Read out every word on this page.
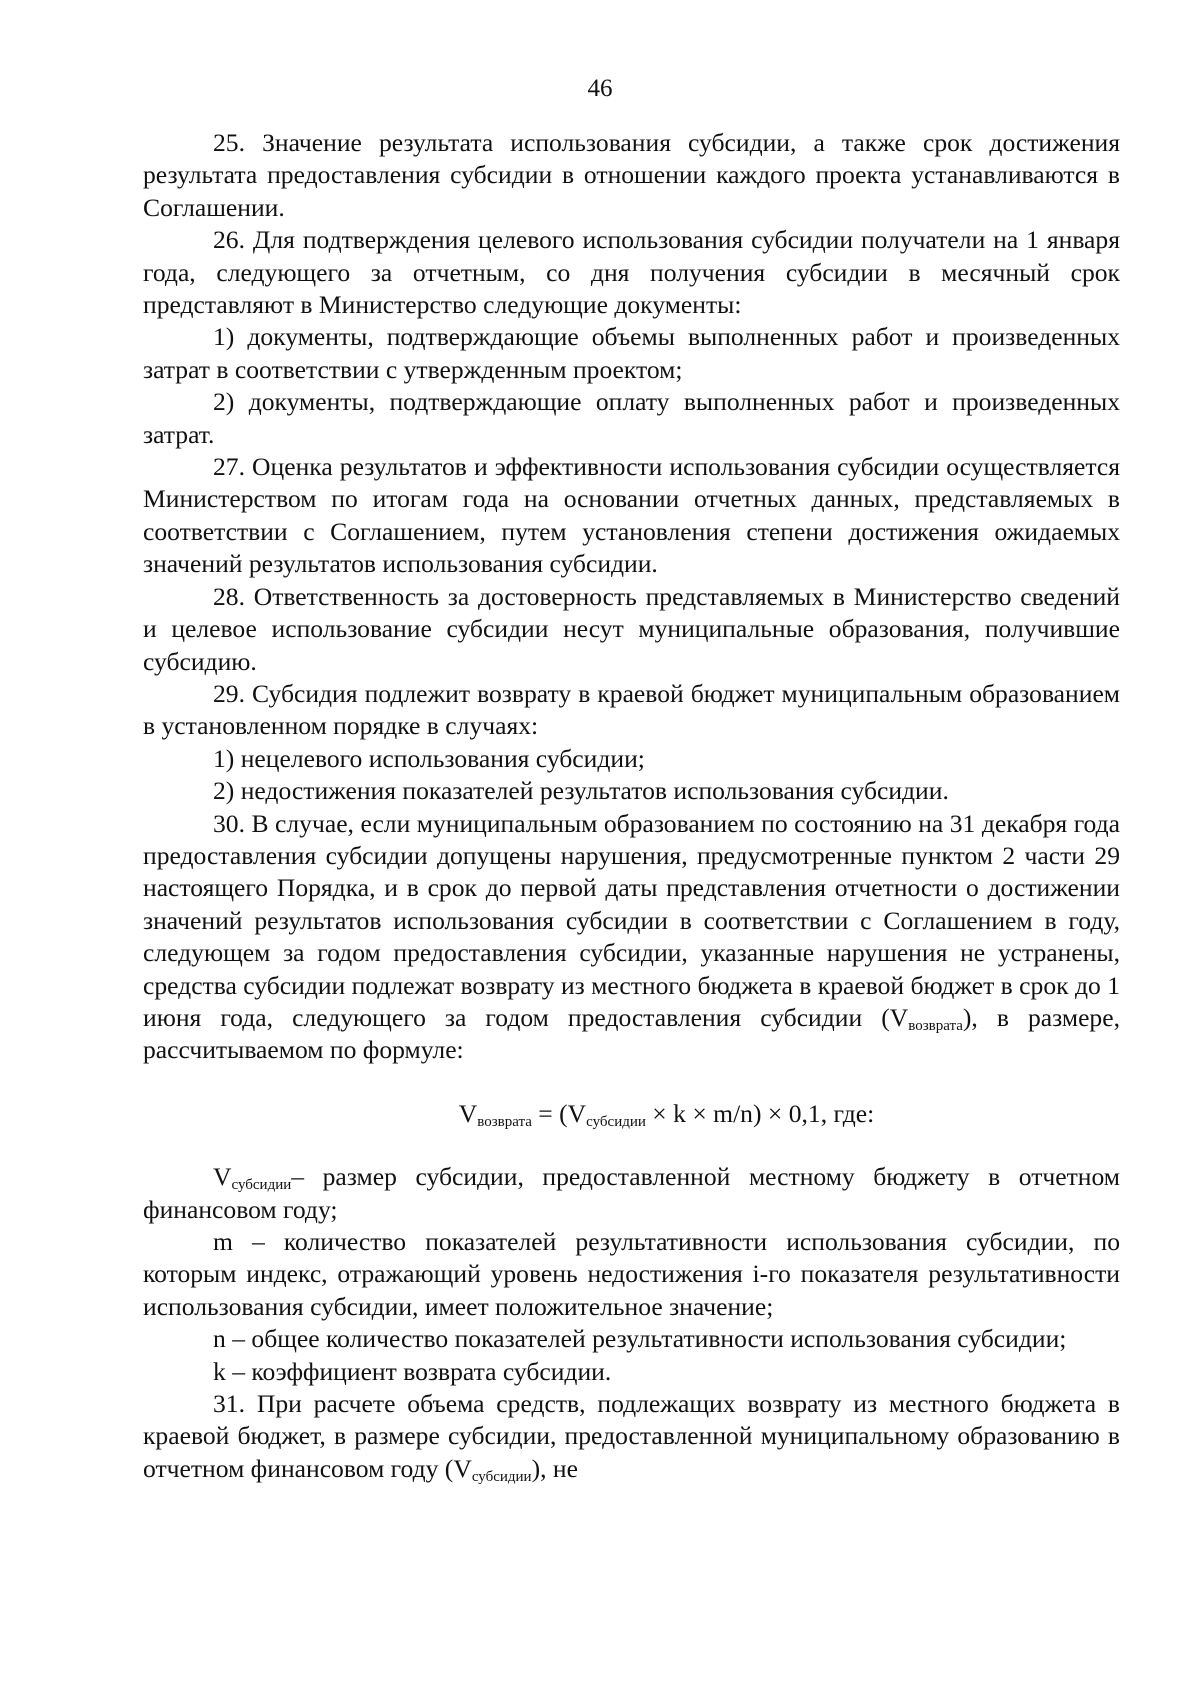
46

25. Значение результата использования субсидии, а также срок достижения результата предоставления субсидии в отношении каждого проекта устанавливаются в Соглашении.

26. Для подтверждения целевого использования субсидии получатели на 1 января года, следующего за отчетным, со дня получения субсидии в месячный срок представляют в Министерство следующие документы:

1) документы, подтверждающие объемы выполненных работ и произведенных затрат в соответствии с утвержденным проектом;

2) документы, подтверждающие оплату выполненных работ и произведенных затрат.

27. Оценка результатов и эффективности использования субсидии осуществляется Министерством по итогам года на основании отчетных данных, представляемых в соответствии с Соглашением, путем установления степени достижения ожидаемых значений результатов использования субсидии.

28. Ответственность за достоверность представляемых в Министерство сведений и целевое использование субсидии несут муниципальные образования, получившие субсидию.

29. Субсидия подлежит возврату в краевой бюджет муниципальным образованием в установленном порядке в случаях:

1) нецелевого использования субсидии;

2) недостижения показателей результатов использования субсидии.

30. В случае, если муниципальным образованием по состоянию на 31 декабря года предоставления субсидии допущены нарушения, предусмотренные пунктом 2 части 29 настоящего Порядка, и в срок до первой даты представления отчетности о достижении значений результатов использования субсидии в соответствии с Соглашением в году, следующем за годом предоставления субсидии, указанные нарушения не устранены, средства субсидии подлежат возврату из местного бюджета в краевой бюджет в срок до 1 июня года, следующего за годом предоставления субсидии $(V_{возврата})$, в размере, рассчитываемом по формуле:

$V_{возврата} = (V_{субсидии} \times k \times m/n) \times 0,1$, где:

$V_{субсидии}-$ размер субсидии, предоставленной местному бюджету в отчетном финансовом году;

m – количество показателей результативности использования субсидии, по которым индекс, отражающий уровень недостижения i-го показателя результативности использования субсидии, имеет положительное значение;

n – общее количество показателей результативности использования субсидии;

k – коэффициент возврата субсидии.

31. При расчете объема средств, подлежащих возврату из местного бюджета в краевой бюджет, в размере субсидии, предоставленной муниципальному образованию в отчетном финансовом году $(V_{субсидии})$, не
